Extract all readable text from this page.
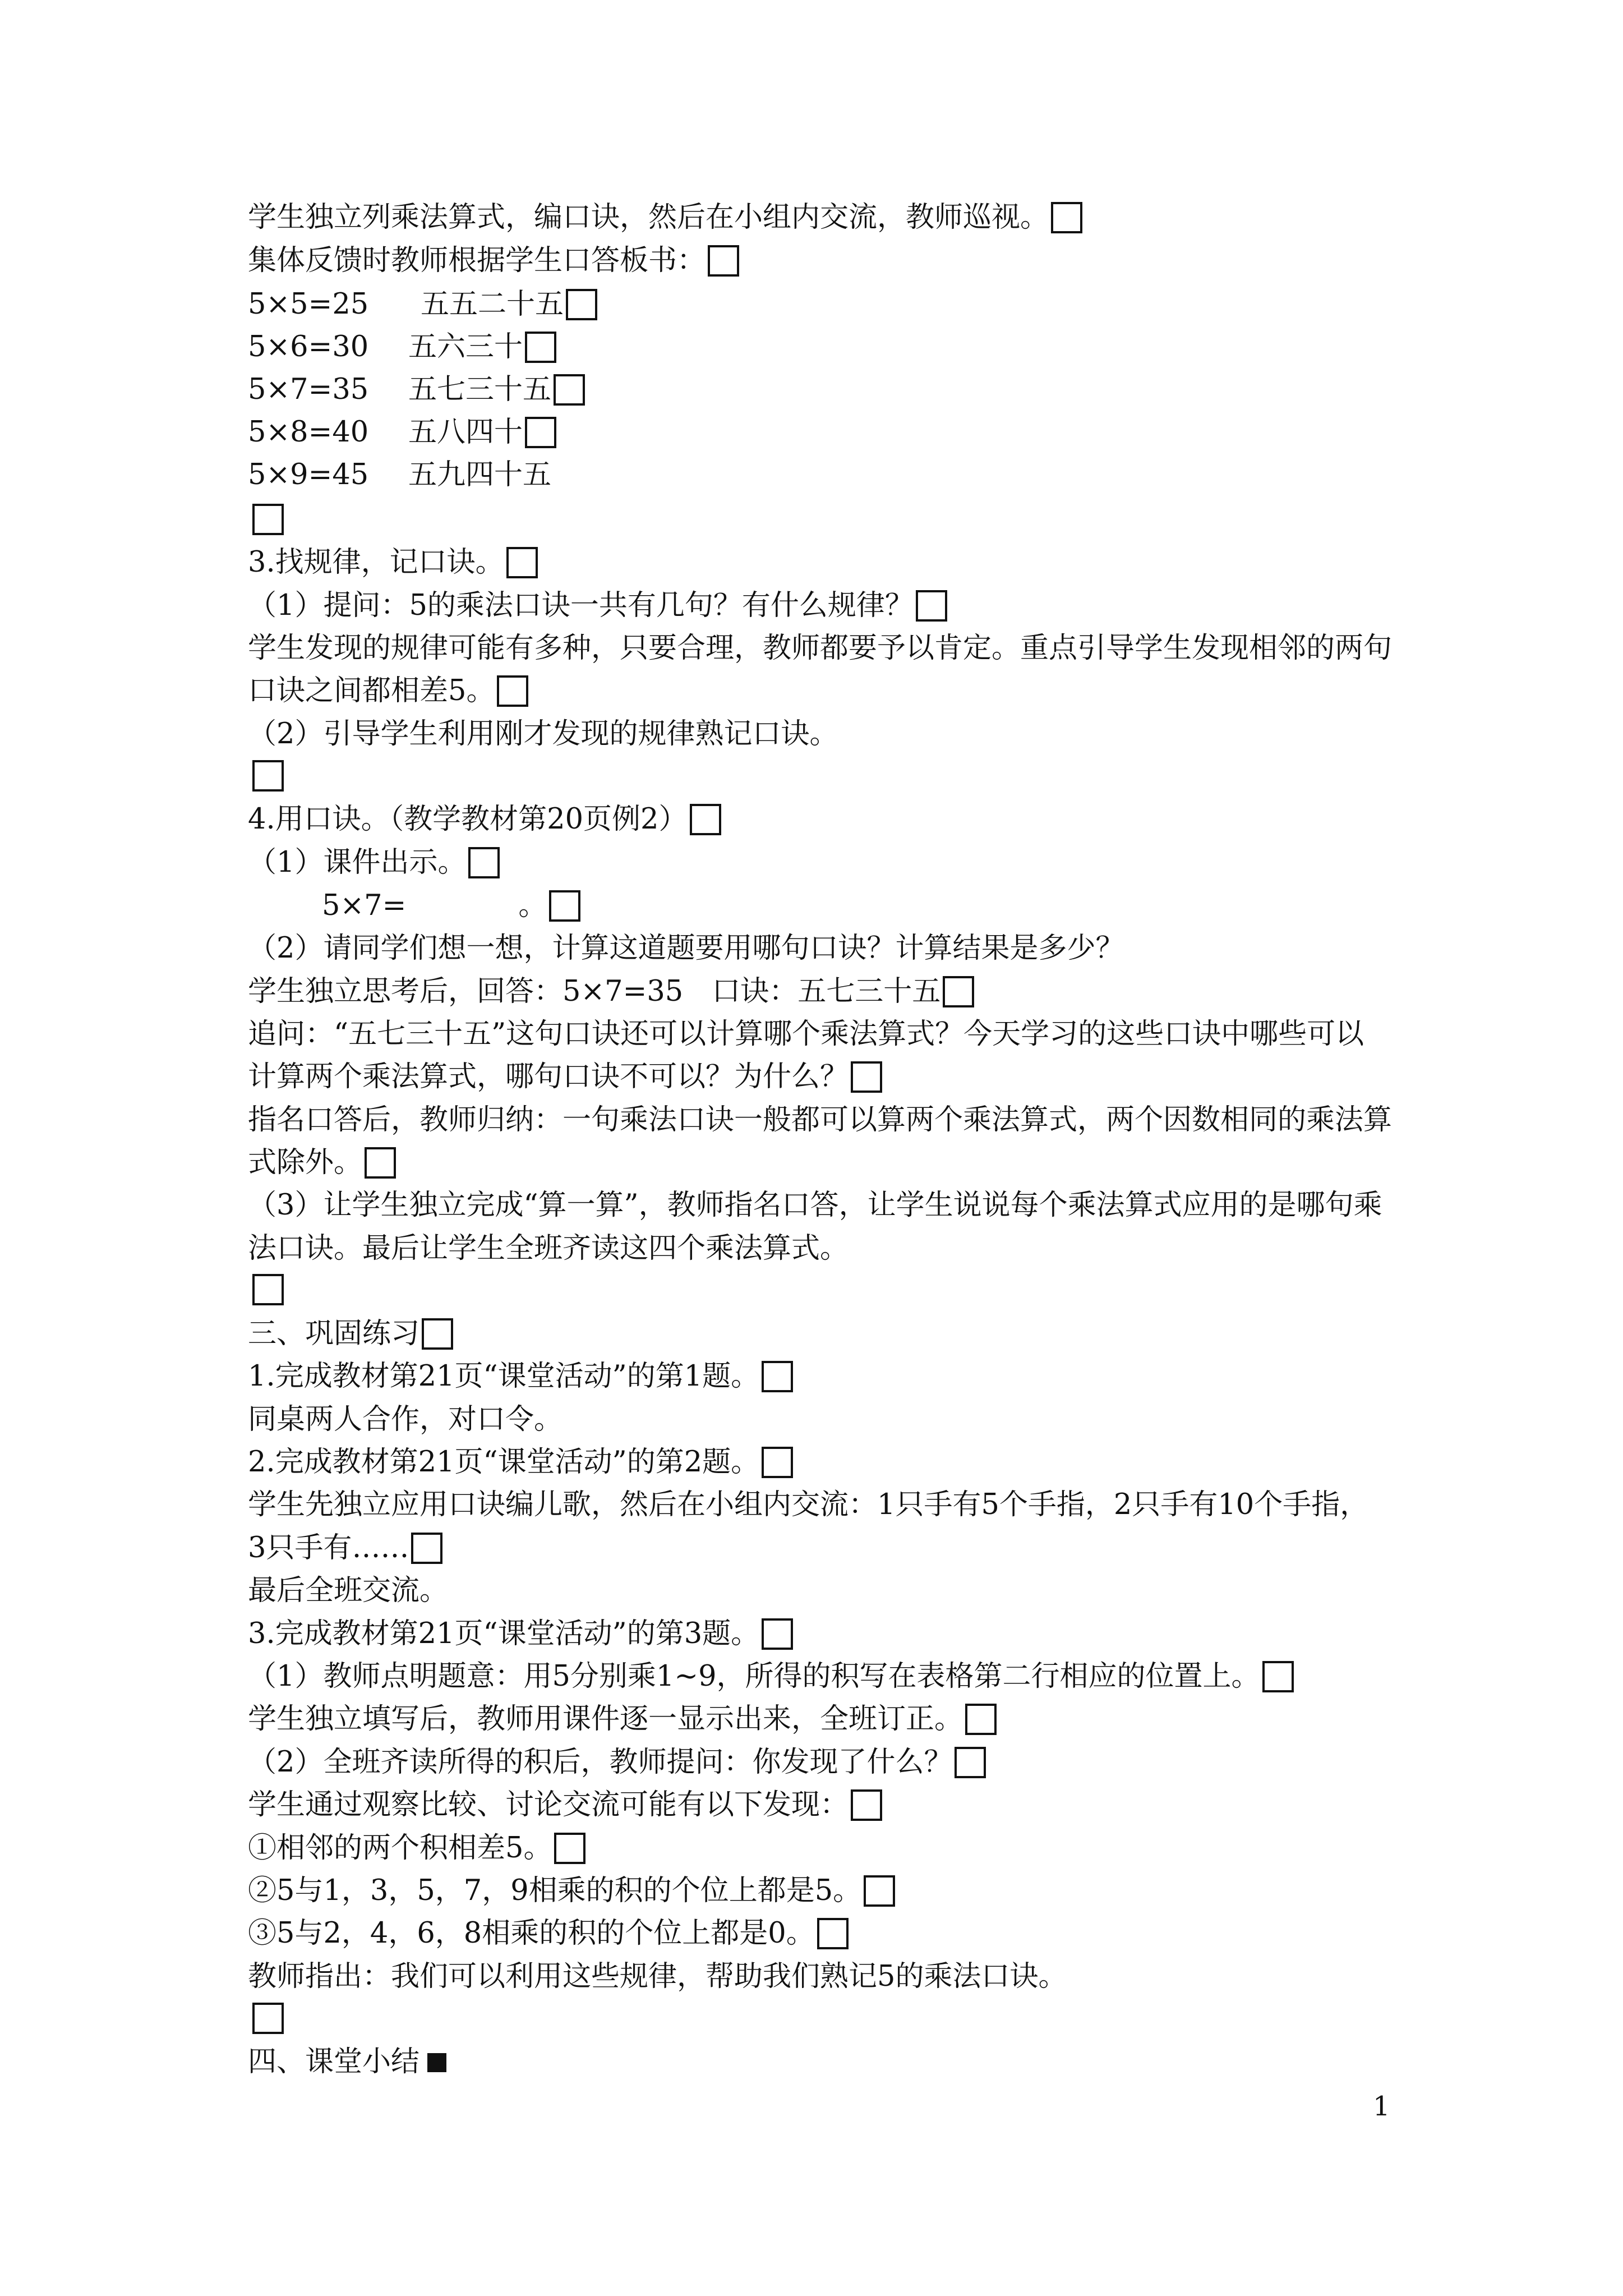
学生独立列乘法算式，编口诀，然后在小组内交流，教师巡视。
集体反馈时教师根据学生口答板书：
5×5=25 五五二十五
5×6=30 五六三十
5×7=35 五七三十五
5×8=40 五八四十
5×9=45 五九四十五
3.找规律，记口诀。
（1）提问：5的乘法口诀一共有几句？有什么规律？
学生发现的规律可能有多种，只要合理，教师都要予以肯定。重点引导学生发现相邻的两句
口诀之间都相差5。
（2）引导学生利用刚才发现的规律熟记口诀。
4.用口诀。（教学教材第20页例2）
（1）课件出示。
5×7=	。
（2）请同学们想一想，计算这道题要用哪句口诀？计算结果是多少？
学生独立思考后，回答：5×7=35　口诀：五七三十五
追问：“五七三十五”这句口诀还可以计算哪个乘法算式？今天学习的这些口诀中哪些可以
计算两个乘法算式，哪句口诀不可以？为什么？
指名口答后，教师归纳：一句乘法口诀一般都可以算两个乘法算式，两个因数相同的乘法算
式除外。
（3）让学生独立完成“算一算”，教师指名口答，让学生说说每个乘法算式应用的是哪句乘
法口诀。最后让学生全班齐读这四个乘法算式。
三、巩固练习
1.完成教材第21页“课堂活动”的第1题。
同桌两人合作，对口令。
2.完成教材第21页“课堂活动”的第2题。
学生先独立应用口诀编儿歌，然后在小组内交流：1只手有5个手指，2只手有10个手指，
3只手有……
最后全班交流。
3.完成教材第21页“课堂活动”的第3题。
（1）教师点明题意：用5分别乘1~9，所得的积写在表格第二行相应的位置上。
学生独立填写后，教师用课件逐一显示出来，全班订正。
（2）全班齐读所得的积后，教师提问：你发现了什么？
学生通过观察比较、讨论交流可能有以下发现：
①相邻的两个积相差5。
②5与1，3，5，7，9相乘的积的个位上都是5。
③5与2，4，6，8相乘的积的个位上都是0。
教师指出：我们可以利用这些规律，帮助我们熟记5的乘法口诀。
四、课堂小结
1
